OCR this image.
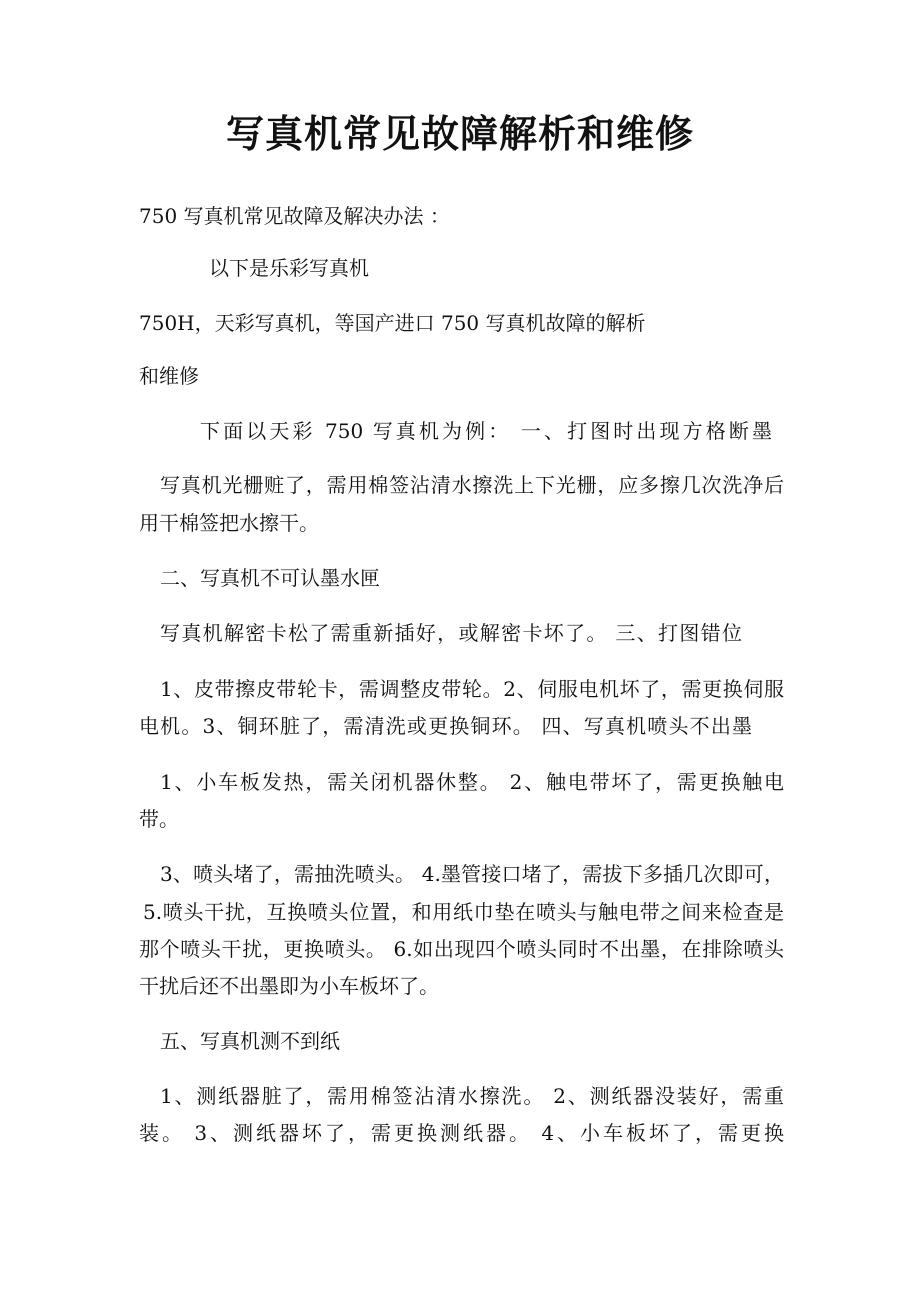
写真机常见故障解析和维修

750 写真机常见故障及解决办法 ：

以下是乐彩写真机

750H，天彩写真机，等国产进口 750 写真机故障的解析

和维修

下面以天彩 750 写真机为例： 一、打图时出现方格断墨

写真机光栅赃了，需用棉签沾清水擦洗上下光栅，应多擦几次洗净后

用干棉签把水擦干。

二、写真机不可认墨水匣

写真机解密卡松了需重新插好，或解密卡坏了。 三、打图错位

1、皮带擦皮带轮卡，需调整皮带轮。2、伺服电机坏了，需更换伺服

电机。3、铜环脏了，需清洗或更换铜环。 四、写真机喷头不出墨

1、小车板发热，需关闭机器休整。 2、触电带坏了，需更换触电

带。

3、喷头堵了，需抽洗喷头。 4.墨管接口堵了，需拔下多插几次即可，

5.喷头干扰，互换喷头位置，和用纸巾垫在喷头与触电带之间来检查是

那个喷头干扰，更换喷头。 6.如出现四个喷头同时不出墨，在排除喷头

干扰后还不出墨即为小车板坏了。

五、写真机测不到纸

1、测纸器脏了，需用棉签沾清水擦洗。 2、测纸器没装好，需重

装。 3、测纸器坏了，需更换测纸器。 4、小车板坏了，需更换
